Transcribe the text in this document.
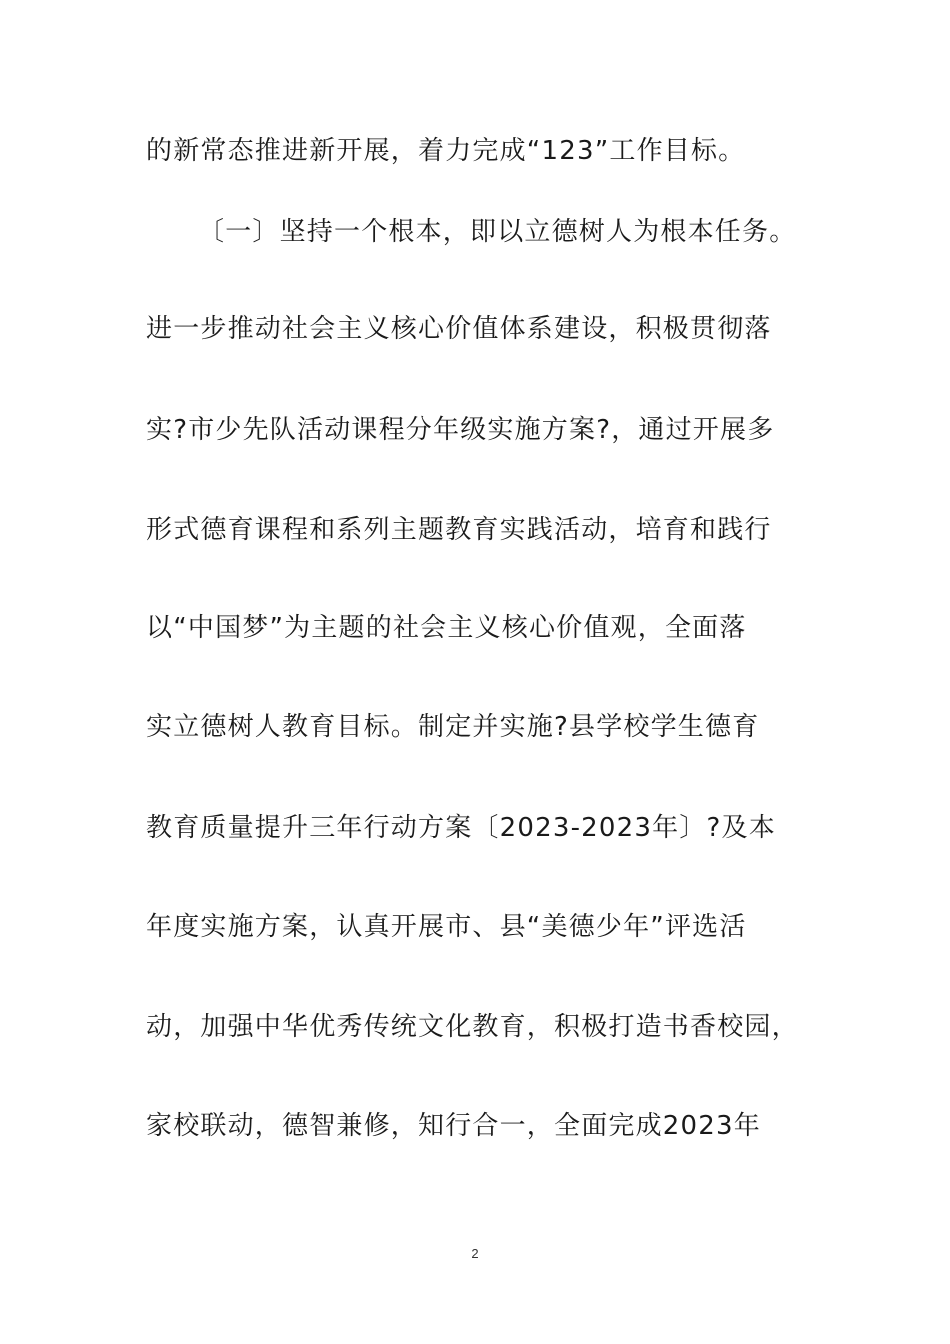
的新常态推进新开展，着力完成“123”工作目标。
〔一〕坚持一个根本，即以立德树人为根本任务。
进一步推动社会主义核心价值体系建设，积极贯彻落
实?市少先队活动课程分年级实施方案?，通过开展多
形式德育课程和系列主题教育实践活动，培育和践行
以“中国梦”为主题的社会主义核心价值观，全面落
实立德树人教育目标。制定并实施?县学校学生德育
教育质量提升三年行动方案〔2023-2023年〕?及本
年度实施方案，认真开展市、县“美德少年”评选活
动，加强中华优秀传统文化教育，积极打造书香校园，
家校联动，德智兼修，知行合一，全面完成2023年
2
